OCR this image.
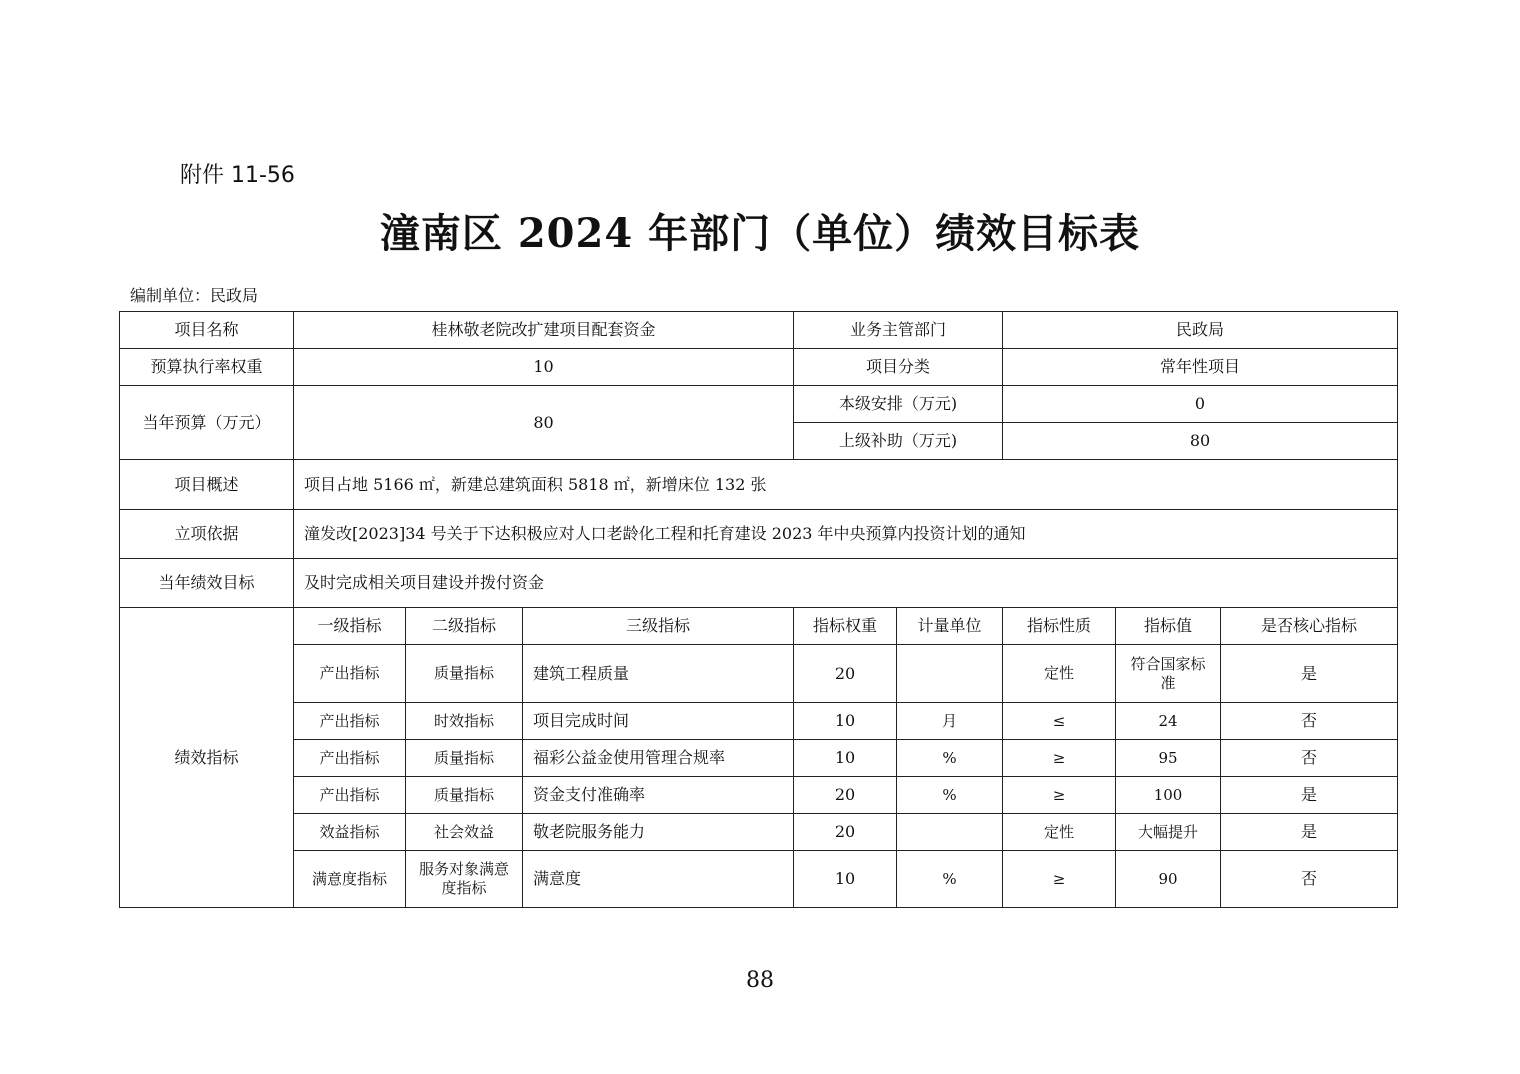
附件 11-56
潼南区 2024 年部门（单位）绩效目标表
编制单位：民政局
项目名称	桂林敬老院改扩建项目配套资金			业务主管部门		民政局		
预算执行率权重	10			项目分类		常年性项目		
当年预算（万元）	80			本级安排（万元)		0		
				上级补助（万元)		80		
项目概述	项目占地 5166 ㎡，新建总建筑面积 5818 ㎡，新增床位 132 张							
立项依据	潼发改[2023]34 号关于下达积极应对人口老龄化工程和托育建设 2023 年中央预算内投资计划的通知							
当年绩效目标	及时完成相关项目建设并拨付资金							
绩效指标	一级指标	二级指标	三级指标	指标权重	计量单位	指标性质	指标值	是否核心指标
	产出指标	质量指标	建筑工程质量	20		定性	符合国家标准	是
	产出指标	时效指标	项目完成时间	10	月	≤	24	否
	产出指标	质量指标	福彩公益金使用管理合规率	10	%	≥	95	否
	产出指标	质量指标	资金支付准确率	20	%	≥	100	是
	效益指标	社会效益	敬老院服务能力	20		定性	大幅提升	是
	满意度指标	服务对象满意度指标	满意度	10	%	≥	90	否
88
